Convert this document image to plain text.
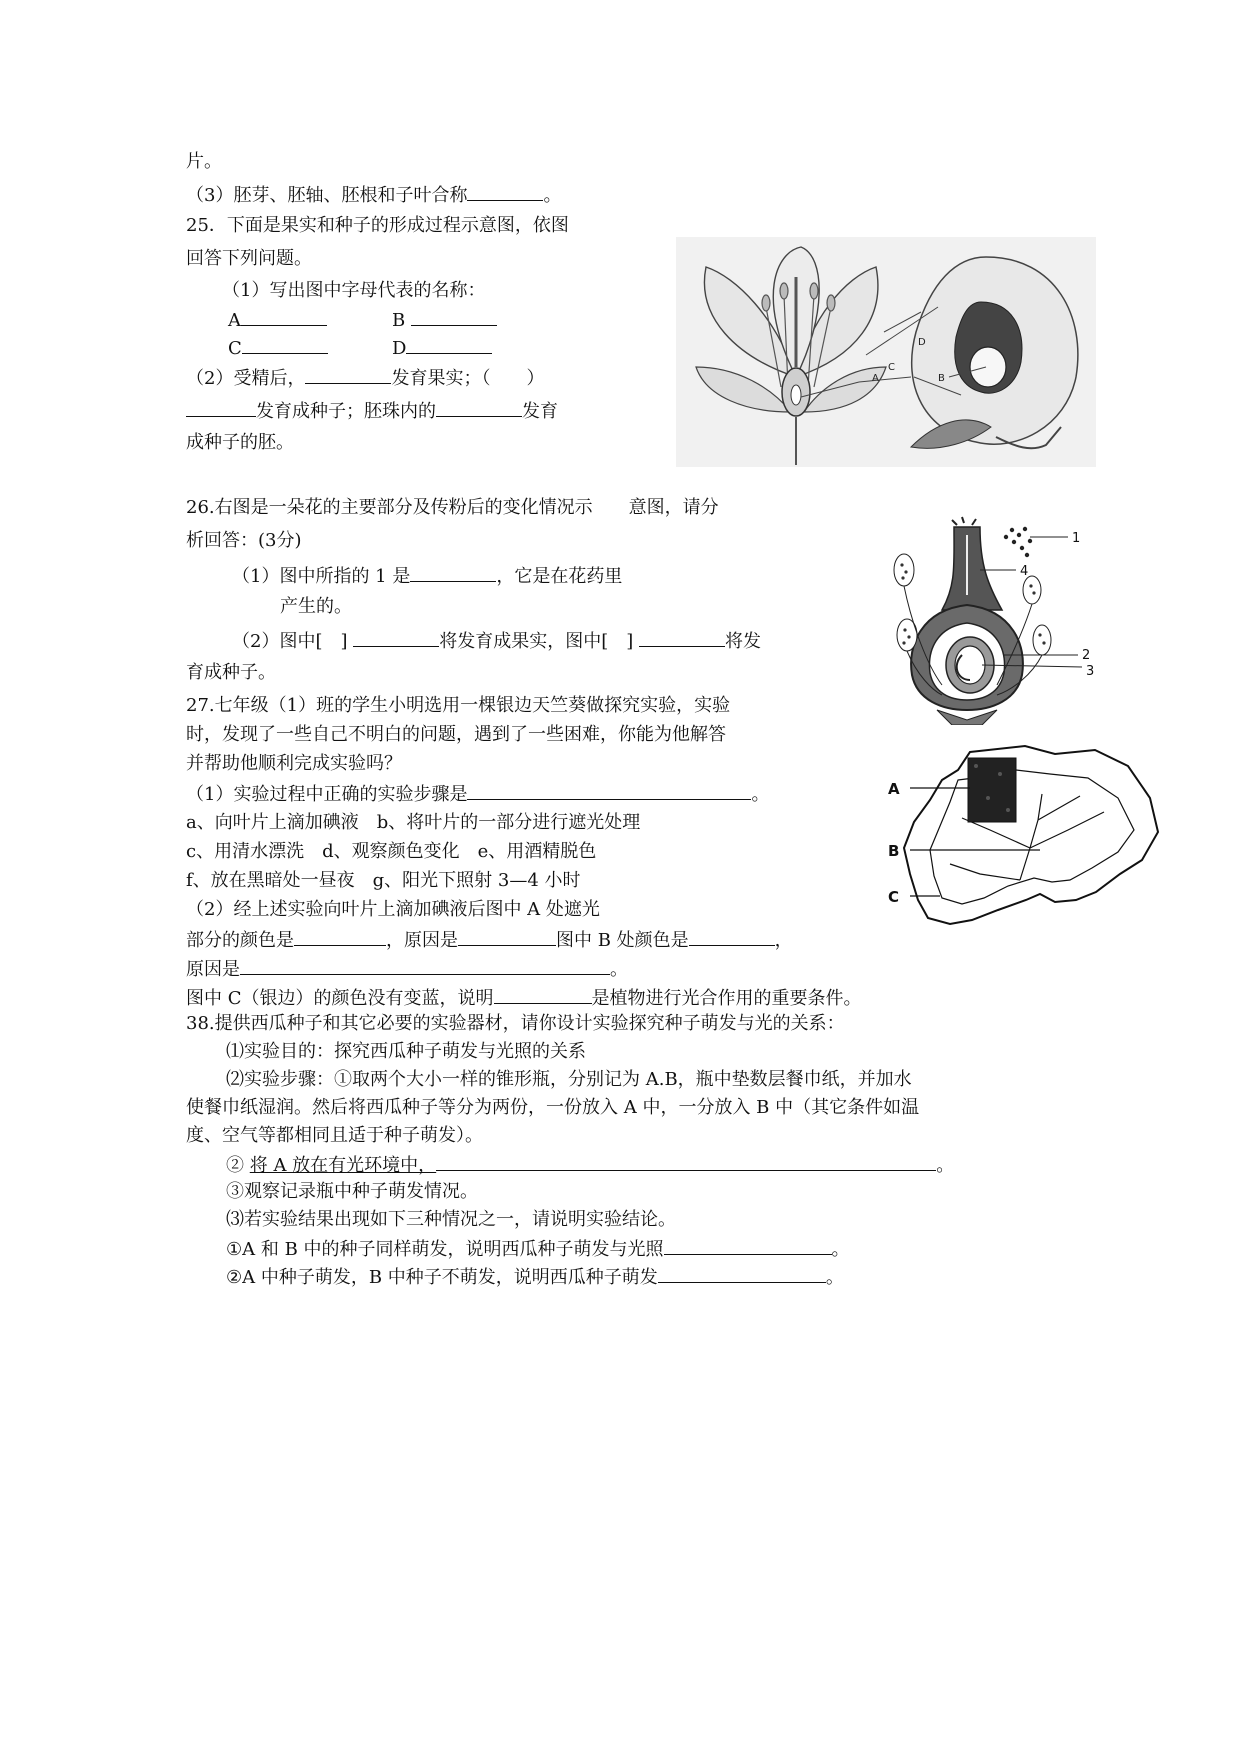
片。
（3）胚芽、胚轴、胚根和子叶合称	。
25．下面是果实和种子的形成过程示意图，依图
回答下列问题。
（1）写出图中字母代表的名称：
A	B
C	D
（2）受精后，	发育果实；（　　）
发育成种子；胚珠内的	发育
成种子的胚。
A	B
C
D
26.右图是一朵花的主要部分及传粉后的变化情况示　　意图，请分
析回答：(3分)
（1）图中所指的 1 是	，它是在花药里
产生的。
（2）图中[　]	将发育成果实，图中[　]	将发
育成种子。
1
4
2
3
27.七年级（1）班的学生小明选用一棵银边天竺葵做探究实验，实验
时，发现了一些自己不明白的问题，遇到了一些困难，你能为他解答
并帮助他顺利完成实验吗？
（1）实验过程中正确的实验步骤是	。
a、向叶片上滴加碘液　b、将叶片的一部分进行遮光处理
c、用清水漂洗　d、观察颜色变化　e、用酒精脱色
f、放在黑暗处一昼夜　g、阳光下照射 3—4 小时
（2）经上述实验向叶片上滴加碘液后图中 A 处遮光
部分的颜色是	，原因是	图中 B 处颜色是	，
原因是	。
图中 C（银边）的颜色没有变蓝，说明	是植物进行光合作用的重要条件。
A
B
C
38.提供西瓜种子和其它必要的实验器材，请你设计实验探究种子萌发与光的关系：
⑴实验目的：探究西瓜种子萌发与光照的关系
⑵实验步骤：①取两个大小一样的锥形瓶，分别记为 A.B，瓶中垫数层餐巾纸，并加水
使餐巾纸湿润。然后将西瓜种子等分为两份，一份放入 A 中，一分放入 B 中（其它条件如温
度、空气等都相同且适于种子萌发）。
② 将 A 放在有光环境中，	。
③观察记录瓶中种子萌发情况。
⑶若实验结果出现如下三种情况之一，请说明实验结论。
①A 和 B 中的种子同样萌发，说明西瓜种子萌发与光照	。
②A 中种子萌发，B 中种子不萌发，说明西瓜种子萌发	。
